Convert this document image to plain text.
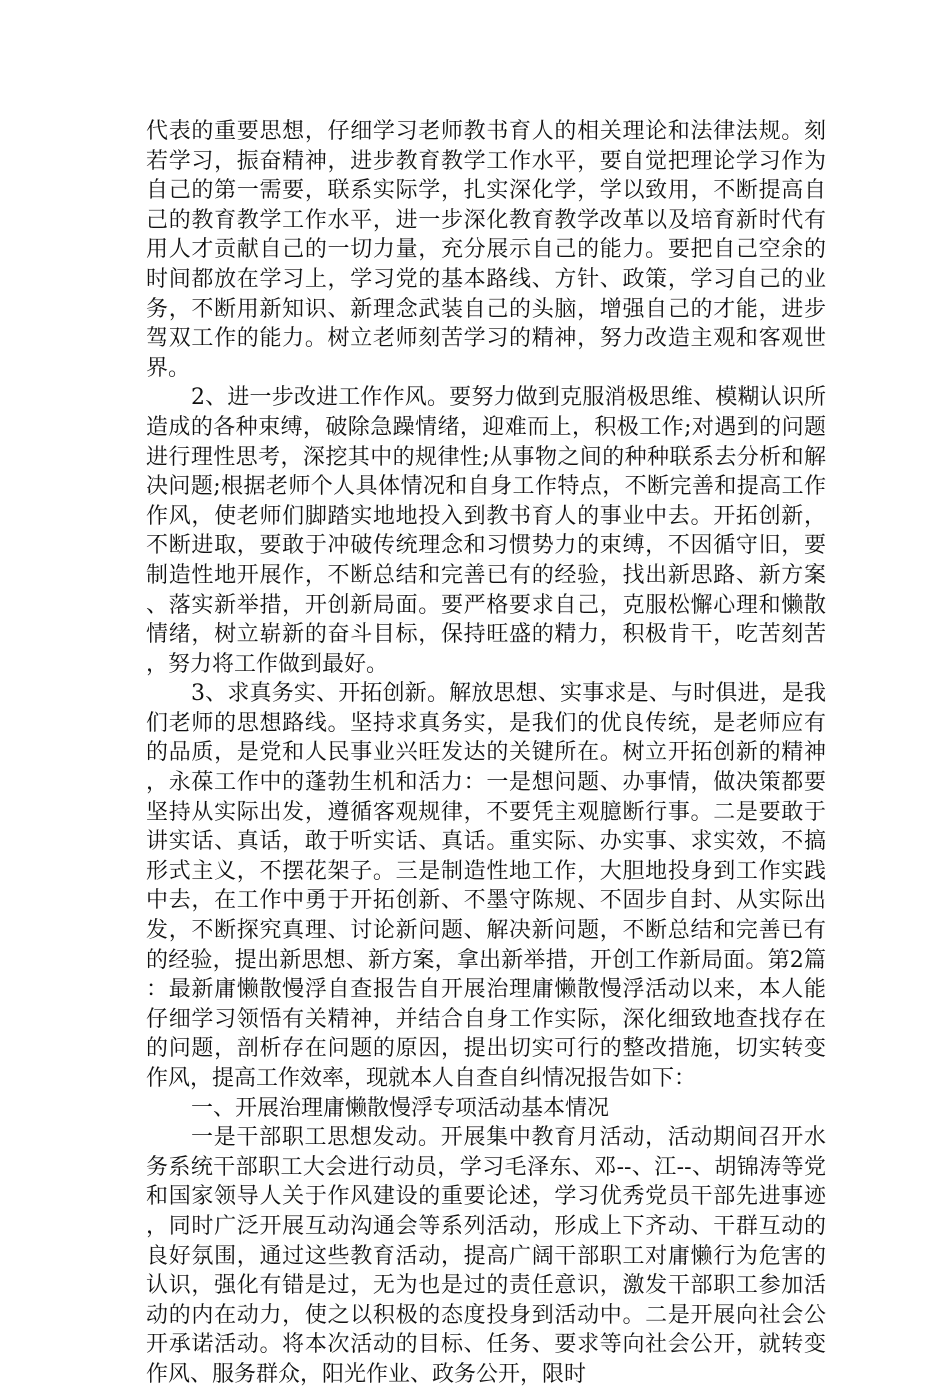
代表的重要思想，仔细学习老师教书育人的相关理论和法律法规。刻若学习，振奋精神，进步教育教学工作水平，要自觉把理论学习作为自己的第一需要，联系实际学，扎实深化学，学以致用，不断提高自己的教育教学工作水平，进一步深化教育教学改革以及培育新时代有用人才贡献自己的一切力量，充分展示自己的能力。要把自己空余的时间都放在学习上，学习党的基本路线、方针、政策，学习自己的业务，不断用新知识、新理念武装自己的头脑，增强自己的才能，进步驾双工作的能力。树立老师刻苦学习的精神，努力改造主观和客观世界。

2、进一步改进工作作风。要努力做到克服消极思维、模糊认识所造成的各种束缚，破除急躁情绪，迎难而上，积极工作;对遇到的问题进行理性思考，深挖其中的规律性;从事物之间的种种联系去分析和解决问题;根据老师个人具体情况和自身工作特点，不断完善和提高工作作风，使老师们脚踏实地地投入到教书育人的事业中去。开拓创新，不断进取，要敢于冲破传统理念和习惯势力的束缚，不因循守旧，要制造性地开展作，不断总结和完善已有的经验，找出新思路、新方案、落实新举措，开创新局面。要严格要求自己，克服松懈心理和懒散情绪，树立崭新的奋斗目标，保持旺盛的精力，积极肯干，吃苦刻苦，努力将工作做到最好。

3、求真务实、开拓创新。解放思想、实事求是、与时俱进，是我们老师的思想路线。坚持求真务实，是我们的优良传统，是老师应有的品质，是党和人民事业兴旺发达的关键所在。树立开拓创新的精神，永葆工作中的蓬勃生机和活力：一是想问题、办事情，做决策都要坚持从实际出发，遵循客观规律，不要凭主观臆断行事。二是要敢于讲实话、真话，敢于听实话、真话。重实际、办实事、求实效，不搞形式主义，不摆花架子。三是制造性地工作，大胆地投身到工作实践中去，在工作中勇于开拓创新、不墨守陈规、不固步自封、从实际出发，不断探究真理、讨论新问题、解决新问题，不断总结和完善已有的经验，提出新思想、新方案，拿出新举措，开创工作新局面。第2篇：最新庸懒散慢浮自查报告自开展治理庸懒散慢浮活动以来，本人能仔细学习领悟有关精神，并结合自身工作实际，深化细致地查找存在的问题，剖析存在问题的原因，提出切实可行的整改措施，切实转变作风，提高工作效率，现就本人自查自纠情况报告如下：

一、开展治理庸懒散慢浮专项活动基本情况

一是干部职工思想发动。开展集中教育月活动，活动期间召开水务系统干部职工大会进行动员，学习毛泽东、邓--、江--、胡锦涛等党和国家领导人关于作风建设的重要论述，学习优秀党员干部先进事迹，同时广泛开展互动沟通会等系列活动，形成上下齐动、干群互动的良好氛围，通过这些教育活动，提高广阔干部职工对庸懒行为危害的认识，强化有错是过，无为也是过的责任意识，激发干部职工参加活动的内在动力，使之以积极的态度投身到活动中。二是开展向社会公开承诺活动。将本次活动的目标、任务、要求等向社会公开，就转变作风、服务群众，阳光作业、政务公开，限时
